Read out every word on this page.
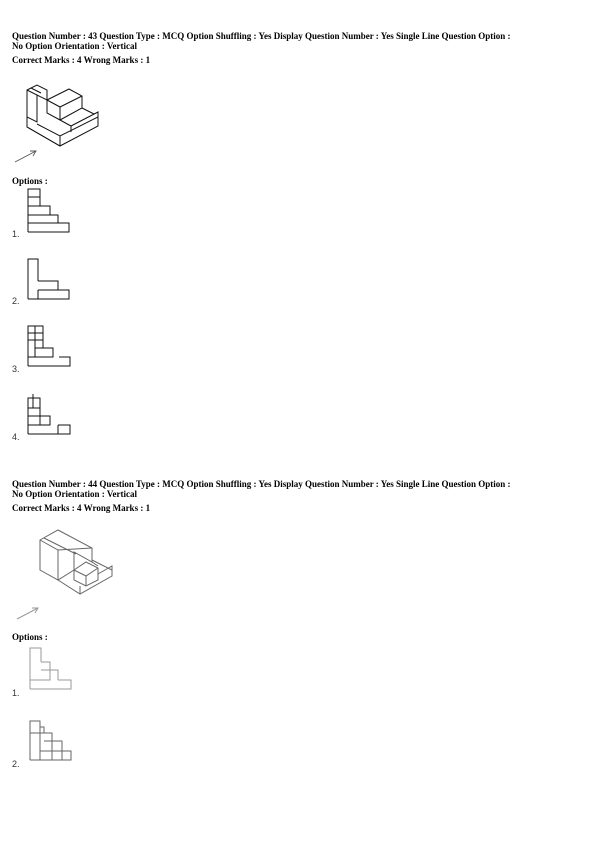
Question Number : 43 Question Type : MCQ Option Shuffling : Yes Display Question Number : Yes Single Line Question Option :
No Option Orientation : Vertical
Correct Marks : 4 Wrong Marks : 1
Options :
1.
2.
3.
4.
Question Number : 44 Question Type : MCQ Option Shuffling : Yes Display Question Number : Yes Single Line Question Option :
No Option Orientation : Vertical
Correct Marks : 4 Wrong Marks : 1
Options :
1.
2.
